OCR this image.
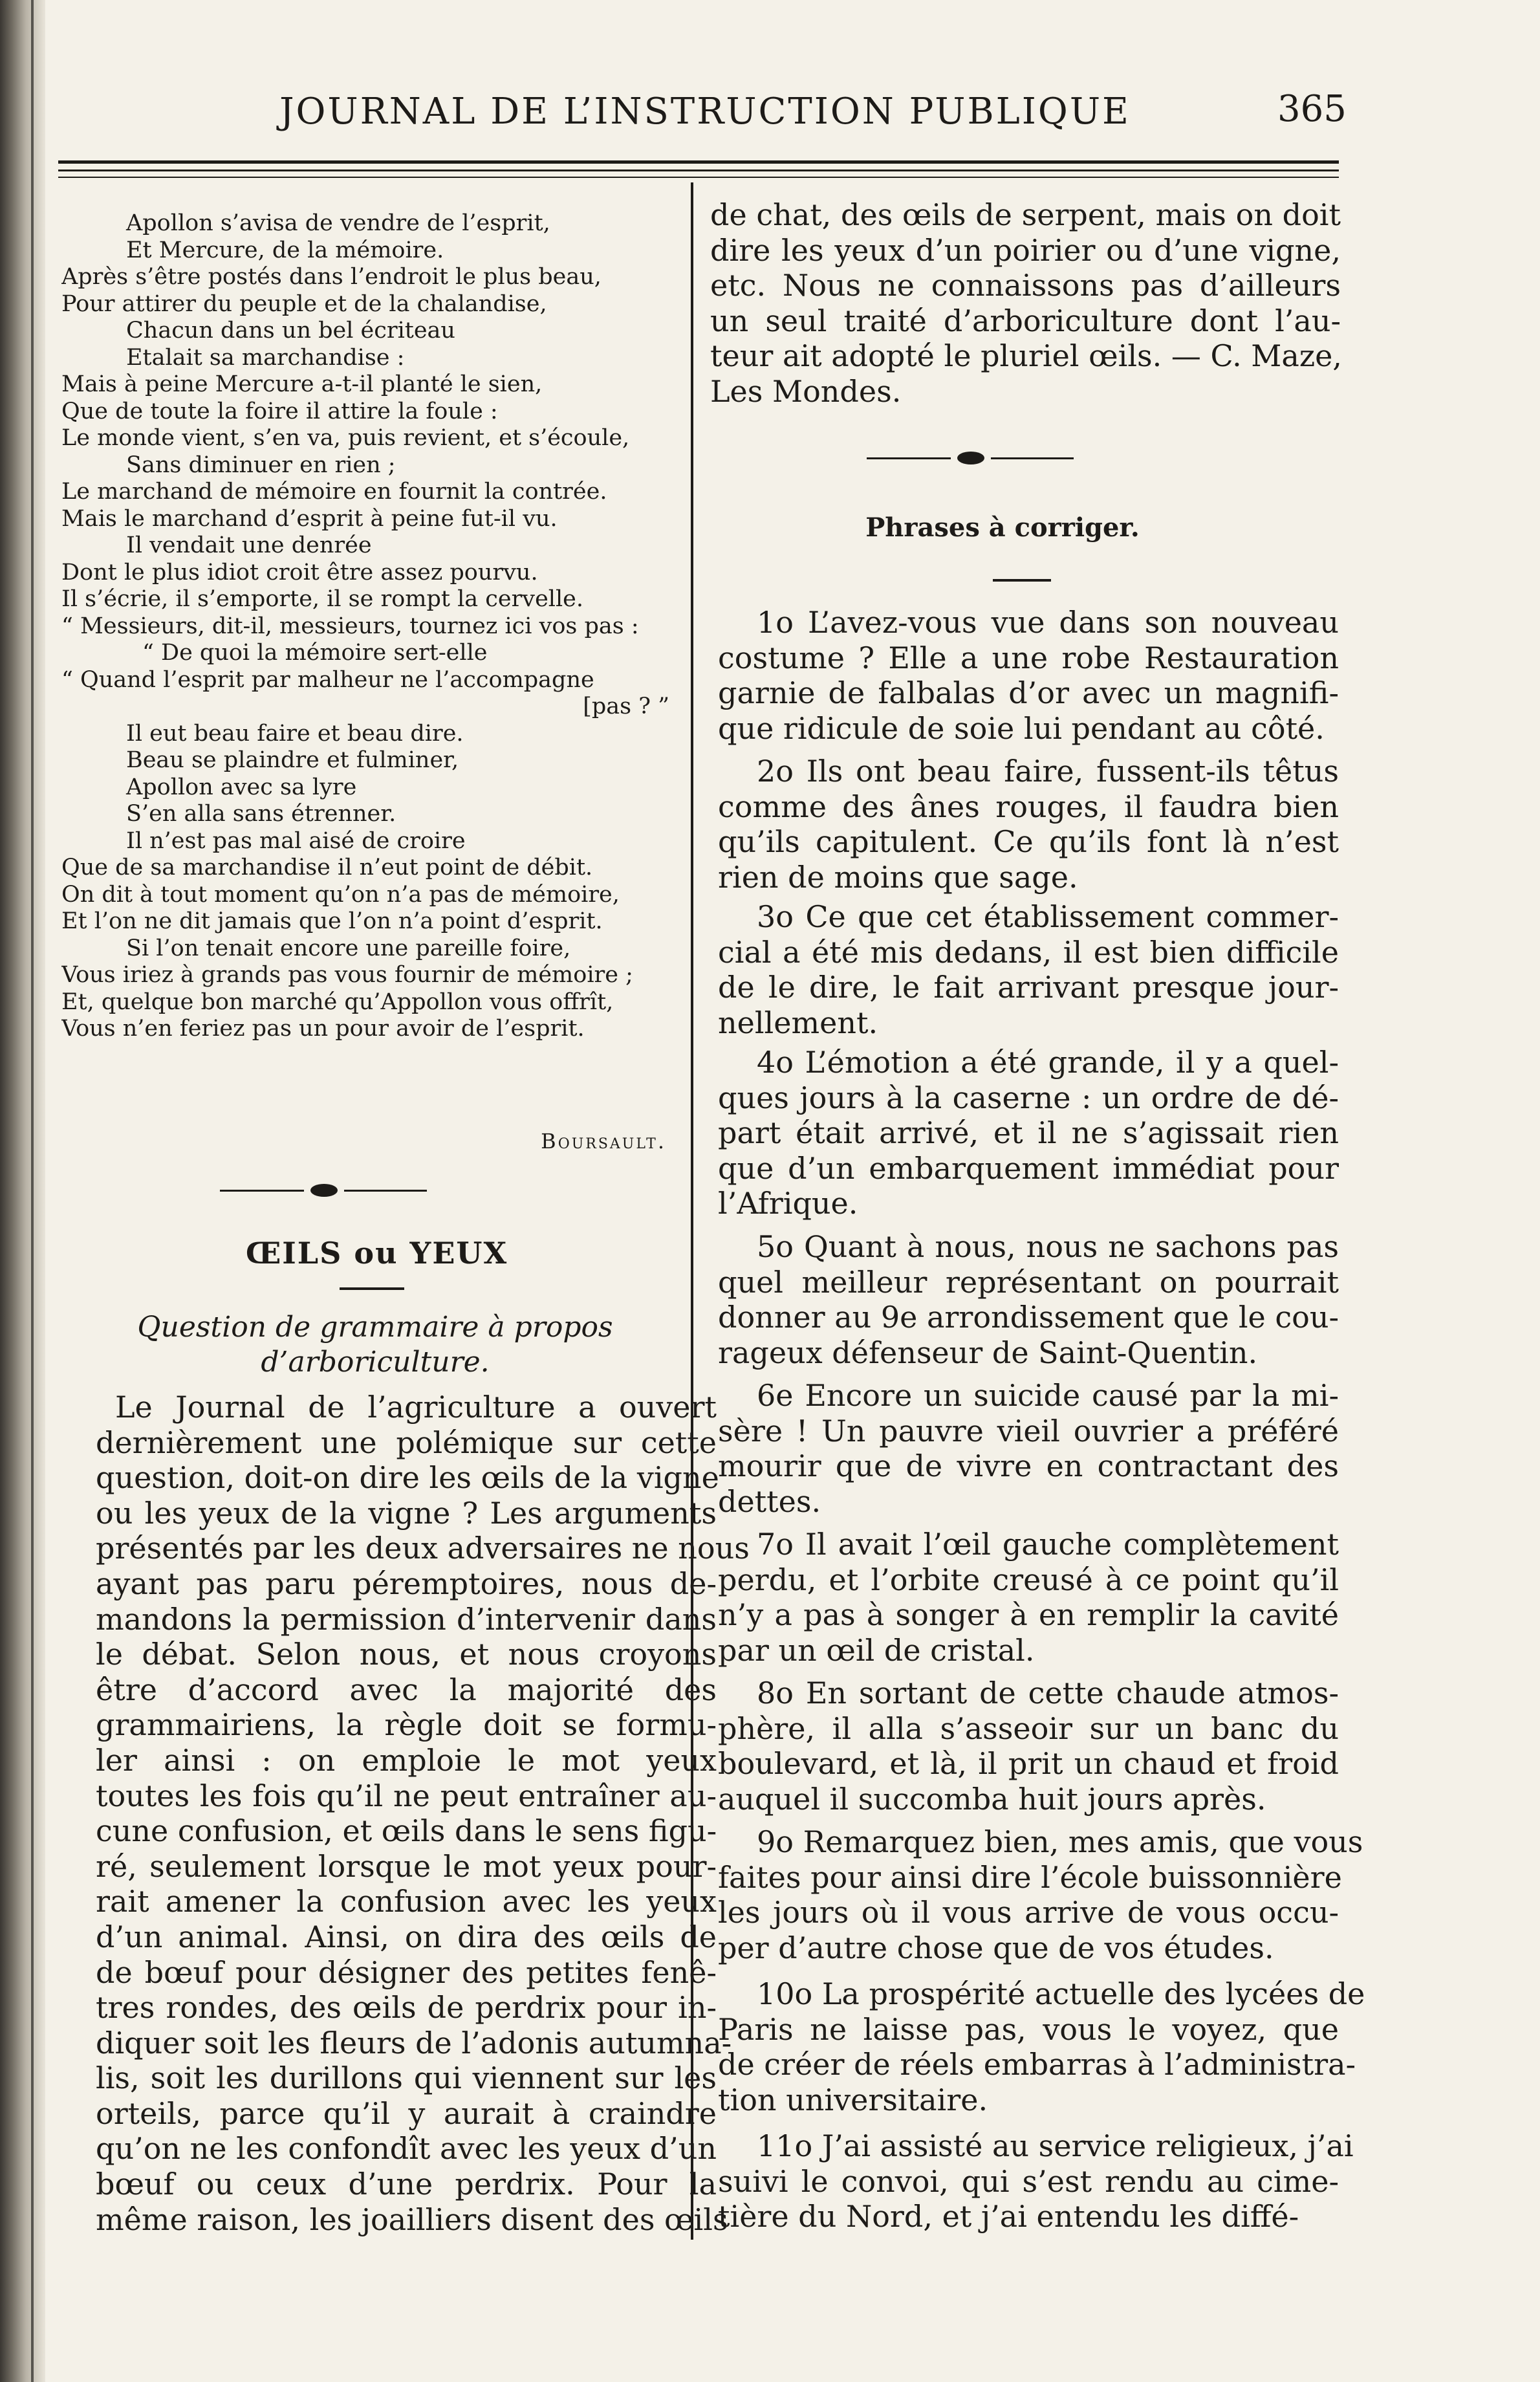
JOURNAL DE L’INSTRUCTION PUBLIQUE	365
Apollon s’avisa de vendre de l’esprit,
Et Mercure, de la mémoire.
Après s’être postés dans l’endroit le plus beau,
Pour attirer du peuple et de la chalandise,
Chacun dans un bel écriteau
Etalait sa marchandise :
Mais à peine Mercure a-t-il planté le sien,
Que de toute la foire il attire la foule :
Le monde vient, s’en va, puis revient, et s’écoule,
Sans diminuer en rien ;
Le marchand de mémoire en fournit la contrée.
Mais le marchand d’esprit à peine fut-il vu.
Il vendait une denrée
Dont le plus idiot croit être assez pourvu.
Il s’écrie, il s’emporte, il se rompt la cervelle.
“ Messieurs, dit-il, messieurs, tournez ici vos pas :
“ De quoi la mémoire sert-elle
“ Quand l’esprit par malheur ne l’accompagne
[pas ? ”
Il eut beau faire et beau dire.
Beau se plaindre et fulminer,
Apollon avec sa lyre
S’en alla sans étrenner.
Il n’est pas mal aisé de croire
Que de sa marchandise il n’eut point de débit.
On dit à tout moment qu’on n’a pas de mémoire,
Et l’on ne dit jamais que l’on n’a point d’esprit.
Si l’on tenait encore une pareille foire,
Vous iriez à grands pas vous fournir de mémoire ;
Et, quelque bon marché qu’Appollon vous offrît,
Vous n’en feriez pas un pour avoir de l’esprit.
Boursault.
ŒILS ou YEUX
Question de grammaire à propos
d’arboriculture.
Le Journal de l’agriculture a ouvert
dernièrement une polémique sur cette
question, doit-on dire les œils de la vigne
ou les yeux de la vigne ? Les arguments
présentés par les deux adversaires ne nous
ayant pas paru péremptoires, nous de-
mandons la permission d’intervenir dans
le débat. Selon nous, et nous croyons
être d’accord avec la majorité des
grammairiens, la règle doit se formu-
ler ainsi : on emploie le mot yeux
toutes les fois qu’il ne peut entraîner au-
cune confusion, et œils dans le sens figu-
ré, seulement lorsque le mot yeux pour-
rait amener la confusion avec les yeux
d’un animal. Ainsi, on dira des œils de
de bœuf pour désigner des petites fenê-
tres rondes, des œils de perdrix pour in-
diquer soit les fleurs de l’adonis autumna-
lis, soit les durillons qui viennent sur les
orteils, parce qu’il y aurait à craindre
qu’on ne les confondît avec les yeux d’un
bœuf ou ceux d’une perdrix. Pour la
même raison, les joailliers disent des œils
de chat, des œils de serpent, mais on doit
dire les yeux d’un poirier ou d’une vigne,
etc. Nous ne connaissons pas d’ailleurs
un seul traité d’arboriculture dont l’au-
teur ait adopté le pluriel œils. — C. Maze,
Les Mondes.
Phrases à corriger.
1o L’avez-vous vue dans son nouveau
costume ? Elle a une robe Restauration
garnie de falbalas d’or avec un magnifi-
que ridicule de soie lui pendant au côté.
2o Ils ont beau faire, fussent-ils têtus
comme des ânes rouges, il faudra bien
qu’ils capitulent. Ce qu’ils font là n’est
rien de moins que sage.
3o Ce que cet établissement commer-
cial a été mis dedans, il est bien difficile
de le dire, le fait arrivant presque jour-
nellement.
4o L’émotion a été grande, il y a quel-
ques jours à la caserne : un ordre de dé-
part était arrivé, et il ne s’agissait rien
que d’un embarquement immédiat pour
l’Afrique.
5o Quant à nous, nous ne sachons pas
quel meilleur représentant on pourrait
donner au 9e arrondissement que le cou-
rageux défenseur de Saint-Quentin.
6e Encore un suicide causé par la mi-
sère ! Un pauvre vieil ouvrier a préféré
mourir que de vivre en contractant des
dettes.
7o Il avait l’œil gauche complètement
perdu, et l’orbite creusé à ce point qu’il
n’y a pas à songer à en remplir la cavité
par un œil de cristal.
8o En sortant de cette chaude atmos-
phère, il alla s’asseoir sur un banc du
boulevard, et là, il prit un chaud et froid
auquel il succomba huit jours après.
9o Remarquez bien, mes amis, que vous
faites pour ainsi dire l’école buissonnière
les jours où il vous arrive de vous occu-
per d’autre chose que de vos études.
10o La prospérité actuelle des lycées de
Paris ne laisse pas, vous le voyez, que
de créer de réels embarras à l’administra-
tion universitaire.
11o J’ai assisté au service religieux, j’ai
suivi le convoi, qui s’est rendu au cime-
tière du Nord, et j’ai entendu les diffé-
